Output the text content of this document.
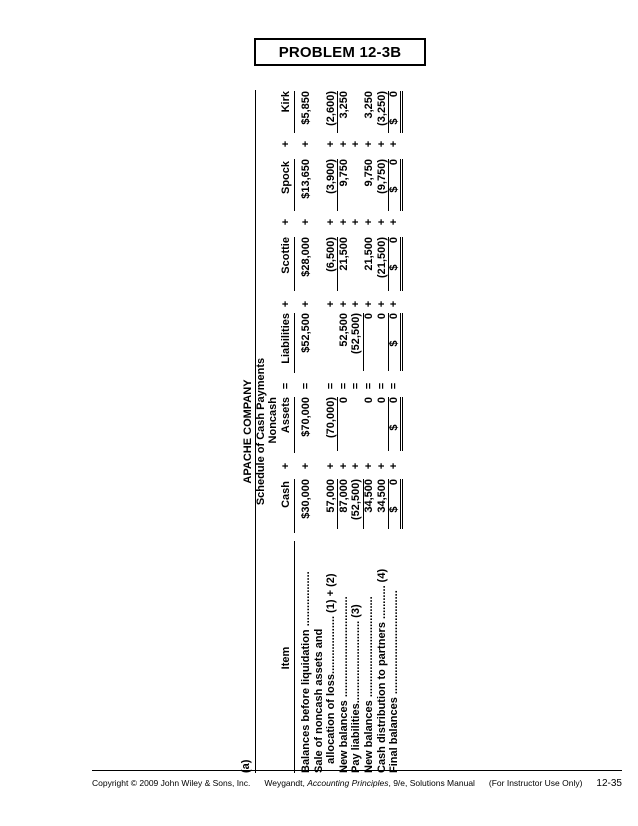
PROBLEM 12-3B
(a)
APACHE COMPANY Schedule of Cash Payments
Item
Cash
+
Noncash Assets
=
Liabilities
+
Scottie
+
Spock
+
Kirk
Balances before liquidation ..................
$30,000
$70,000
$52,500
$28,000
$13,650
$5,850
+
=
+
+
+
Sale of noncash assets and allocation of loss................... (1) + (2)
57,000
(70,000)
(6,500)
(3,900)
(2,600)
+
=
+
+
+
New balances .................................
87,000
0
52,500
21,500
9,750
3,250
+
=
+
+
+
Pay liabilities........................... (3)
(52,500)
(52,500)
+
=
+
+
+
New balances .................................
34,500
0
0
21,500
9,750
3,250
+
=
+
+
+
Cash distribution to partners ........... (4)
34,500
0
0
(21,500)
(9,750)
(3,250)
+
=
+
+
+
Final balances ..................................
$       0
$       0
$       0
$       0
$       0
$       0
+
=
+
+
+
Copyright © 2009 John Wiley & Sons, Inc. Weygandt, Accounting Principles, 9/e, Solutions Manual (For Instructor Use Only) 12-35
